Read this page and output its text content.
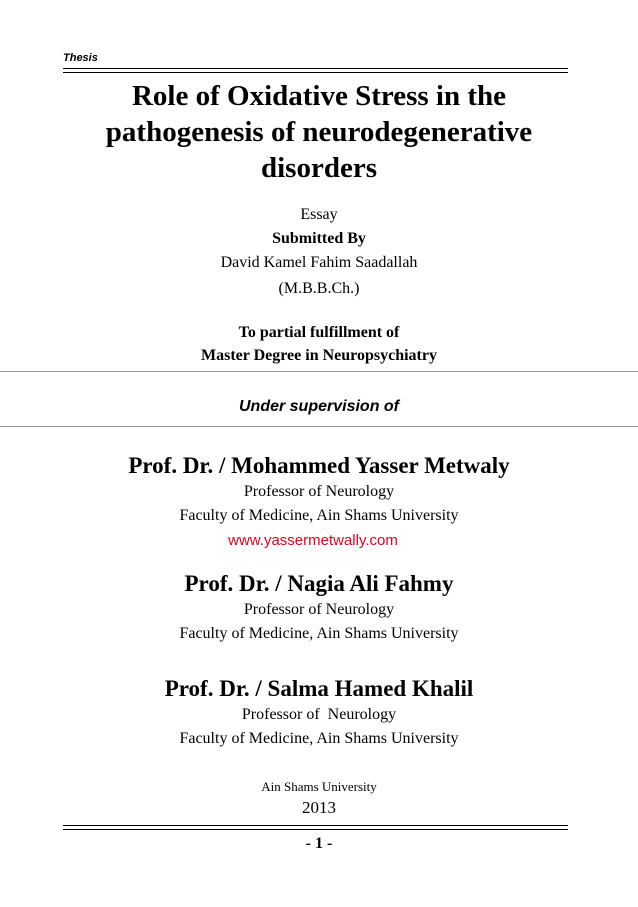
Thesis
Role of Oxidative Stress in the
pathogenesis of neurodegenerative
disorders
Essay
Submitted By
David Kamel Fahim Saadallah
(M.B.B.Ch.)
To partial fulfillment of
Master Degree in Neuropsychiatry
Under supervision of
Prof. Dr. / Mohammed Yasser Metwaly
Professor of Neurology
Faculty of Medicine, Ain Shams University
www.yassermetwally.com
Prof. Dr. / Nagia Ali Fahmy
Professor of Neurology
Faculty of Medicine, Ain Shams University
Prof. Dr. / Salma Hamed Khalil
Professor of  Neurology
Faculty of Medicine, Ain Shams University
Ain Shams University
2013
- 1 -
